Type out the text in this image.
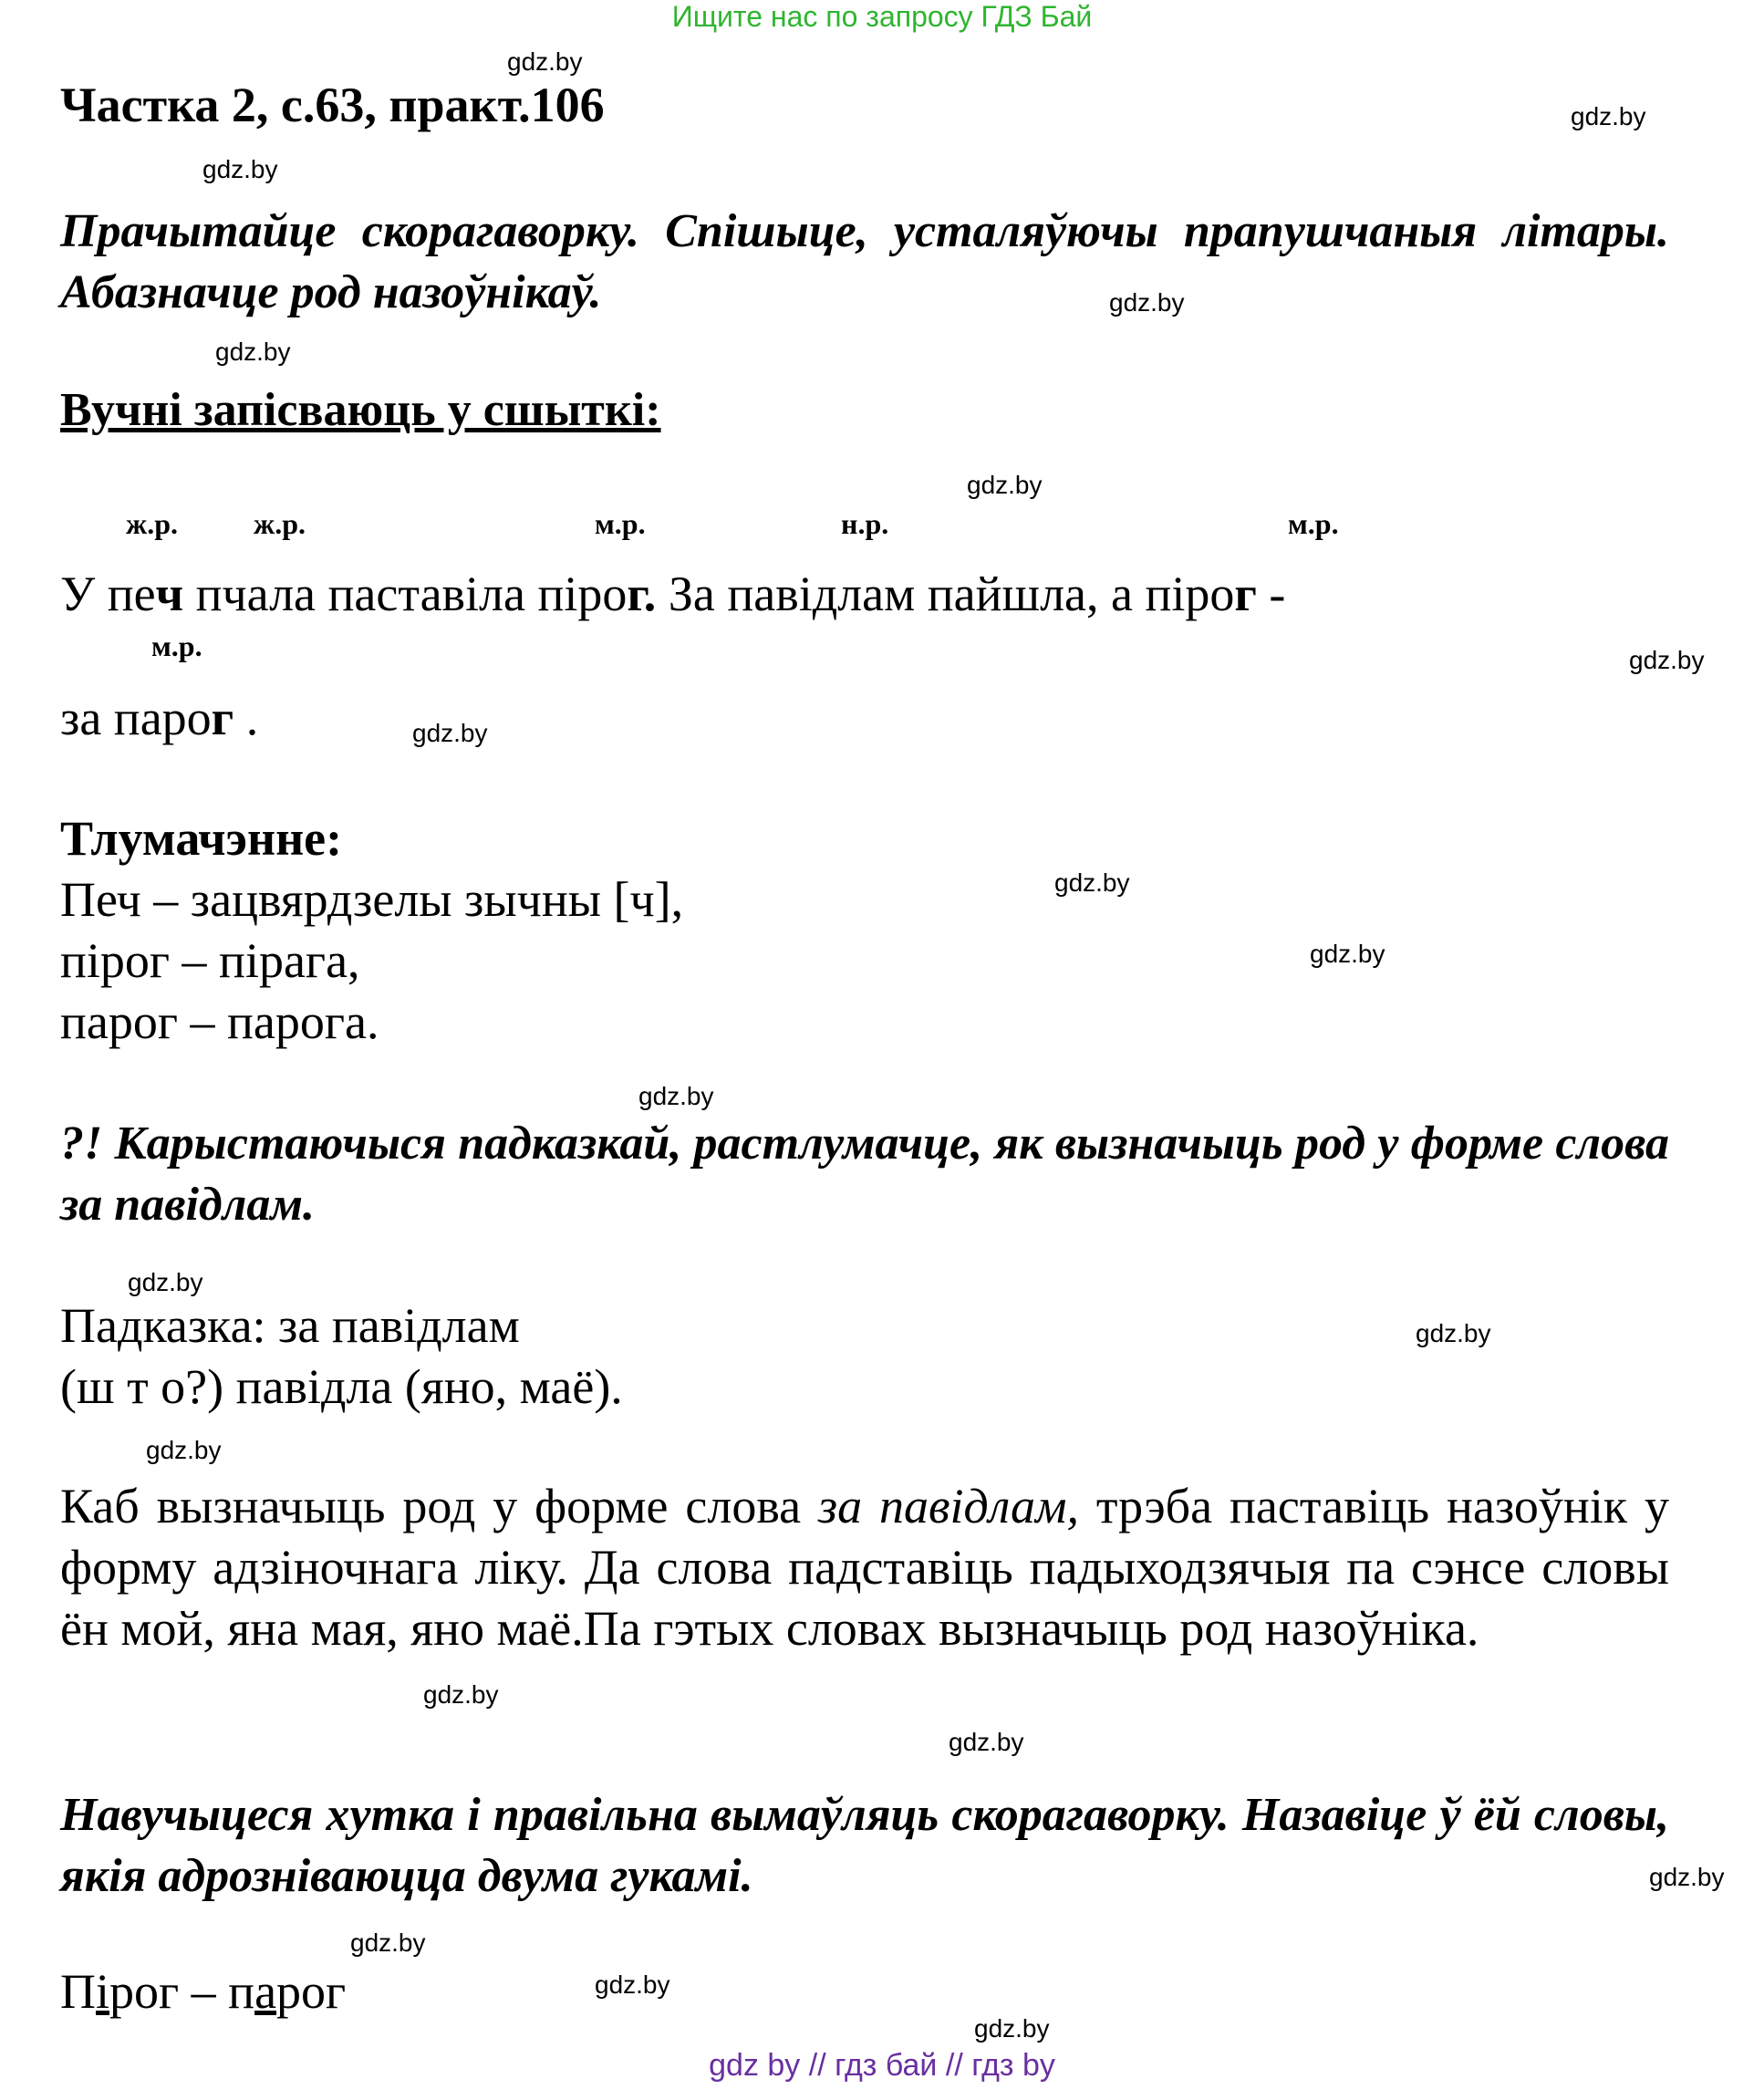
Ищите нас по запросу ГДЗ Бай
Частка 2, с.63, практ.106
Прачытайце скорагаворку. Спішыце, усталяўючы прапушчаныя літары. Абазначце род назоўнікаў.
Вучні запісваюць у сшыткі:
ж.р.	ж.р.	м.р.	н.р.	м.р.
м.р.
У печ пчала паставіла пірог. За павідлам пайшла, а пірог -
за парог .
Тлумачэнне:
Печ – зацвярдзелы зычны [ч],
пірог – пірага,
парог – парога.
?! Карыстаючыся падказкай, растлумачце, як вызначыць род у форме слова за павідлам.
Падказка: за павідлам
(ш т о?) павідла (яно, маё).
Каб вызначыць род у форме слова за павідлам, трэба паставіць назоўнік у форму адзіночнага ліку. Да слова падставіць падыходзячыя па сэнсе словы ён мой, яна мая, яно маё.Па гэтых словах вызначыць род назоўніка.
Навучыцеся хутка і правільна вымаўляць скорагаворку. Назавіце ў ёй словы, якія адрозніваюцца двума гукамі.
Пірог – парог
gdz.by
gdz.by
gdz.by
gdz.by
gdz.by
gdz.by
gdz.by
gdz.by
gdz.by
gdz.by
gdz.by
gdz.by
gdz.by
gdz.by
gdz.by
gdz.by
gdz.by
gdz.by
gdz.by
gdz.by
gdz by // гдз бай // гдз by
